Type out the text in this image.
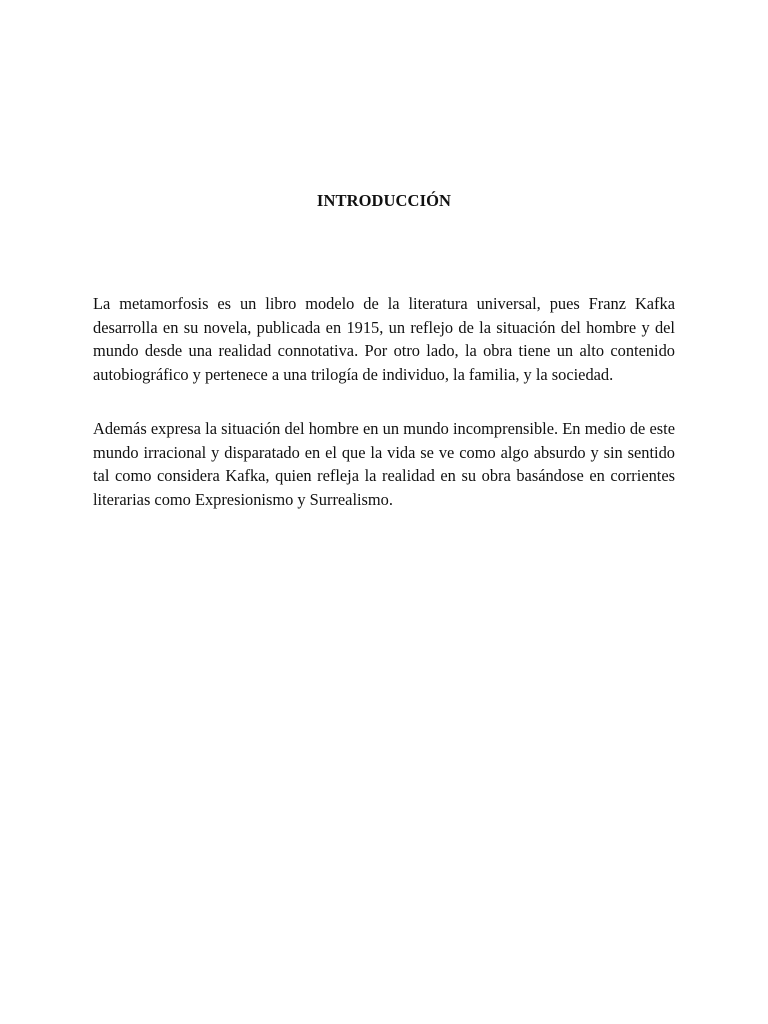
INTRODUCCIÓN

La metamorfosis es un libro modelo de la literatura universal, pues Franz Kafka desarrolla en su novela, publicada en 1915, un reflejo de la situación del hombre y del mundo desde una realidad connotativa. Por otro lado, la obra tiene un alto contenido autobiográfico y pertenece a una trilogía de individuo, la familia, y la sociedad.

Además expresa la situación del hombre en un mundo incomprensible. En medio de este mundo irracional y disparatado en el que la vida se ve como algo absurdo y sin sentido tal como considera Kafka, quien refleja la realidad en su obra basándose en corrientes literarias como Expresionismo y Surrealismo.
